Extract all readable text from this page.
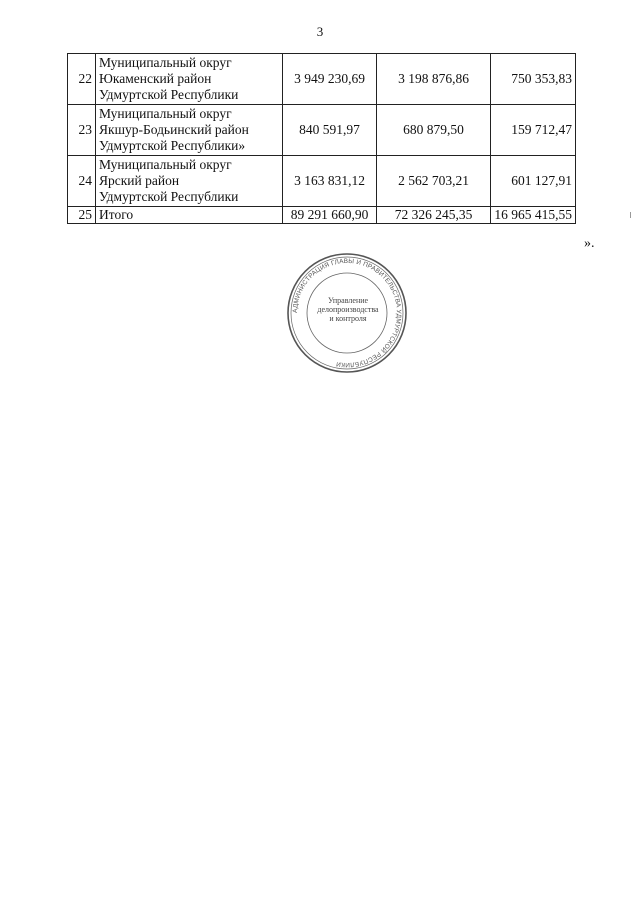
3
22	Муниципальный округ
Юкаменский район
Удмуртской Республики	3 949 230,69	3 198 876,86	750 353,83
23	Муниципальный округ
Якшур-Бодьинский район
Удмуртской Республики»	840 591,97	680 879,50	159 712,47
24	Муниципальный округ
Ярский район
Удмуртской Республики	3 163 831,12	2 562 703,21	601 127,91
25	Итого	89 291 660,90	72 326 245,35	16 965 415,55
».
АДМИНИСТРАЦИЯ ГЛАВЫ И ПРАВИТЕЛЬСТВА УДМУРТСКОЙ РЕСПУБЛИКИ
Управление
делопроизводства
и контроля
